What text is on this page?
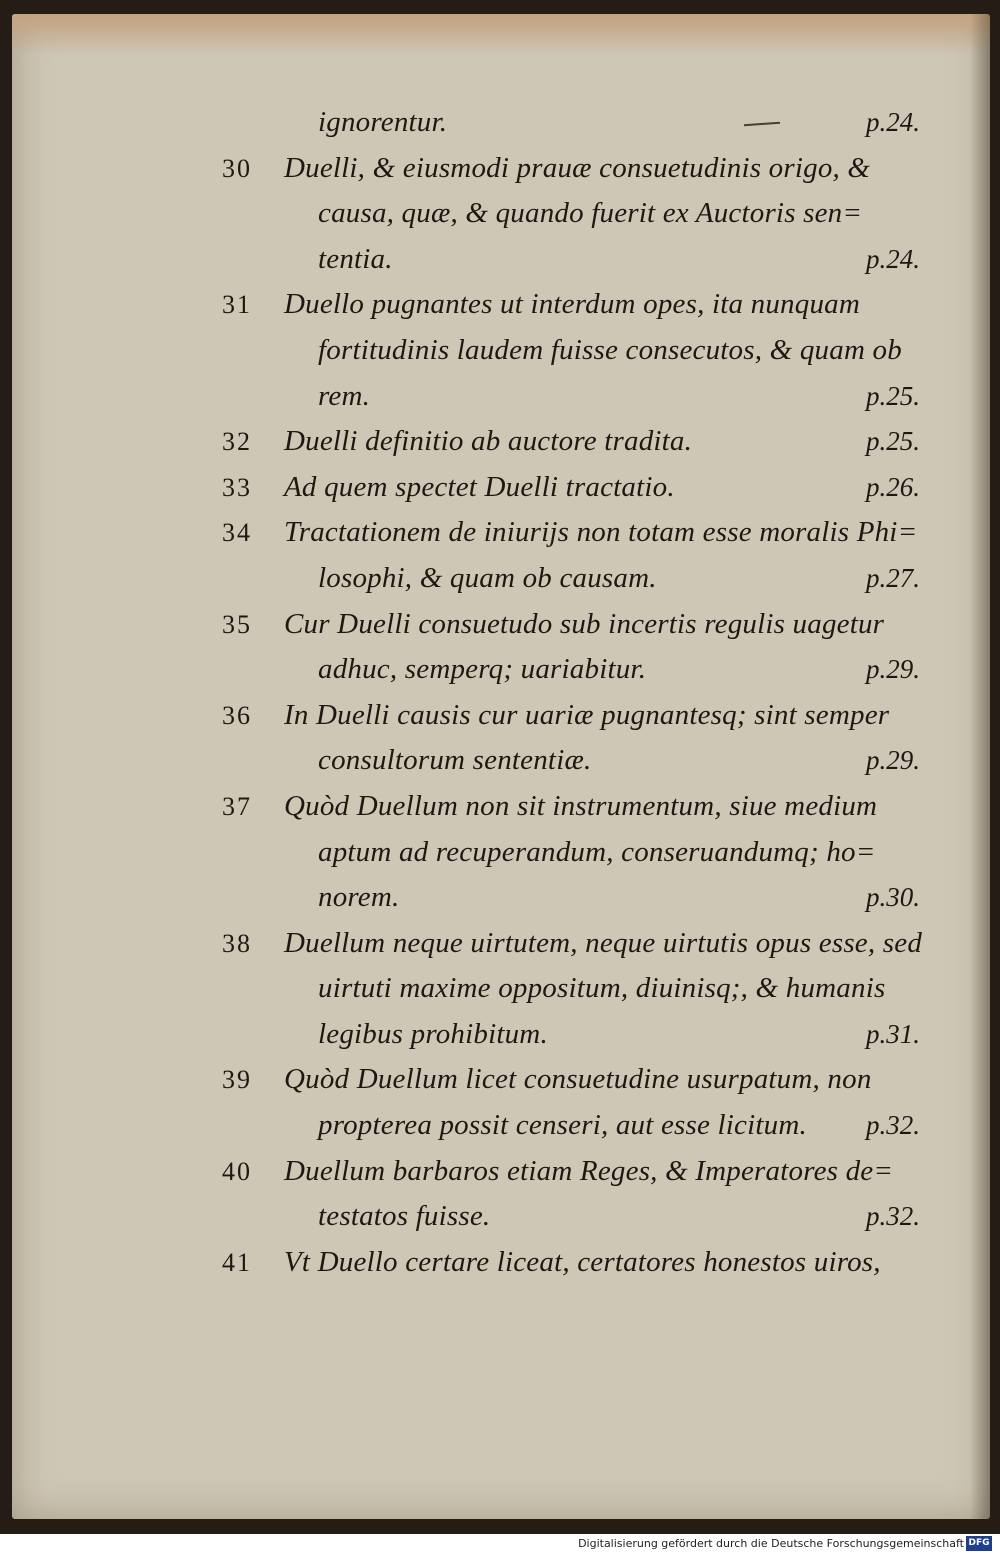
ignorentur.	p.24.
30	Duelli, & eiusmodi prauæ consuetudinis origo, &
causa, quæ, & quando fuerit ex Auctoris sen=
tentia.	p.24.
31	Duello pugnantes ut interdum opes, ita nunquam
fortitudinis laudem fuisse consecutos, & quam ob
rem.	p.25.
32	Duelli definitio ab auctore tradita.	p.25.
33	Ad quem spectet Duelli tractatio.	p.26.
34	Tractationem de iniurijs non totam esse moralis Phi=
losophi, & quam ob causam.	p.27.
35	Cur Duelli consuetudo sub incertis regulis uagetur
adhuc, semperq; uariabitur.	p.29.
36	In Duelli causis cur uariæ pugnantesq; sint semper
consultorum sententiæ.	p.29.
37	Quòd Duellum non sit instrumentum, siue medium
aptum ad recuperandum, conseruandumq; ho=
norem.	p.30.
38	Duellum neque uirtutem, neque uirtutis opus esse, sed
uirtuti maxime oppositum, diuinisq;, & humanis
legibus prohibitum.	p.31.
39	Quòd Duellum licet consuetudine usurpatum, non
propterea possit censeri, aut esse licitum. p.32.
40	Duellum barbaros etiam Reges, & Imperatores de=
testatos fuisse.	p.32.
41	Vt Duello certare liceat, certatores honestos uiros,
Digitalisierung gefördert durch die Deutsche Forschungsgemeinschaft DFG
